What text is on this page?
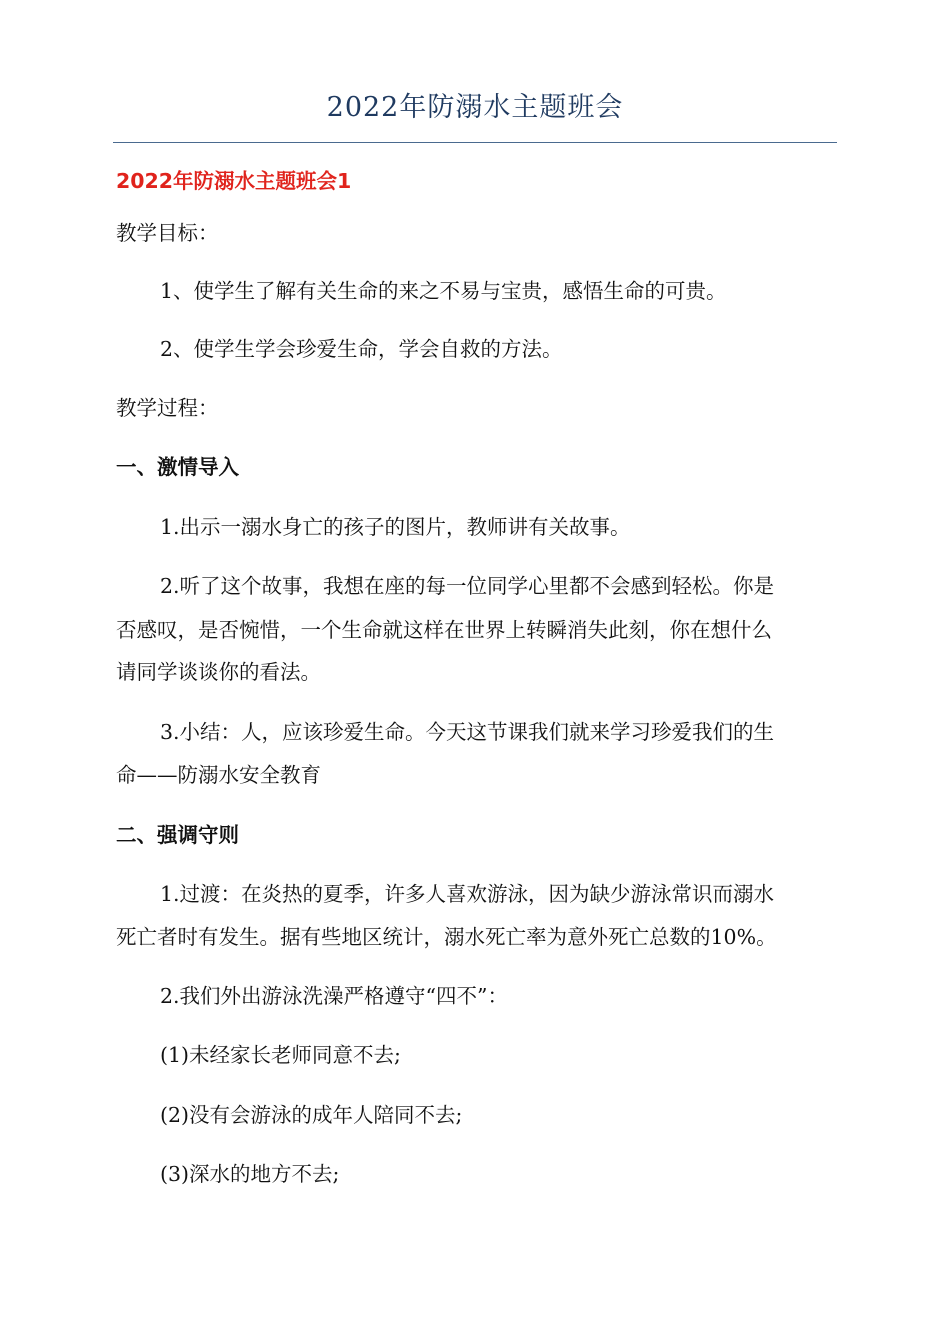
2022年防溺水主题班会
2022年防溺水主题班会1
教学目标：
1、使学生了解有关生命的来之不易与宝贵，感悟生命的可贵。
2、使学生学会珍爱生命，学会自救的方法。
教学过程：
一、激情导入
1.出示一溺水身亡的孩子的图片，教师讲有关故事。
2.听了这个故事，我想在座的每一位同学心里都不会感到轻松。你是
否感叹，是否惋惜，一个生命就这样在世界上转瞬消失此刻，你在想什么
请同学谈谈你的看法。
3.小结：人，应该珍爱生命。今天这节课我们就来学习珍爱我们的生
命——防溺水安全教育
二、强调守则
1.过渡：在炎热的夏季，许多人喜欢游泳，因为缺少游泳常识而溺水
死亡者时有发生。据有些地区统计，溺水死亡率为意外死亡总数的10%。
2.我们外出游泳洗澡严格遵守“四不”：
(1)未经家长老师同意不去;
(2)没有会游泳的成年人陪同不去;
(3)深水的地方不去;
